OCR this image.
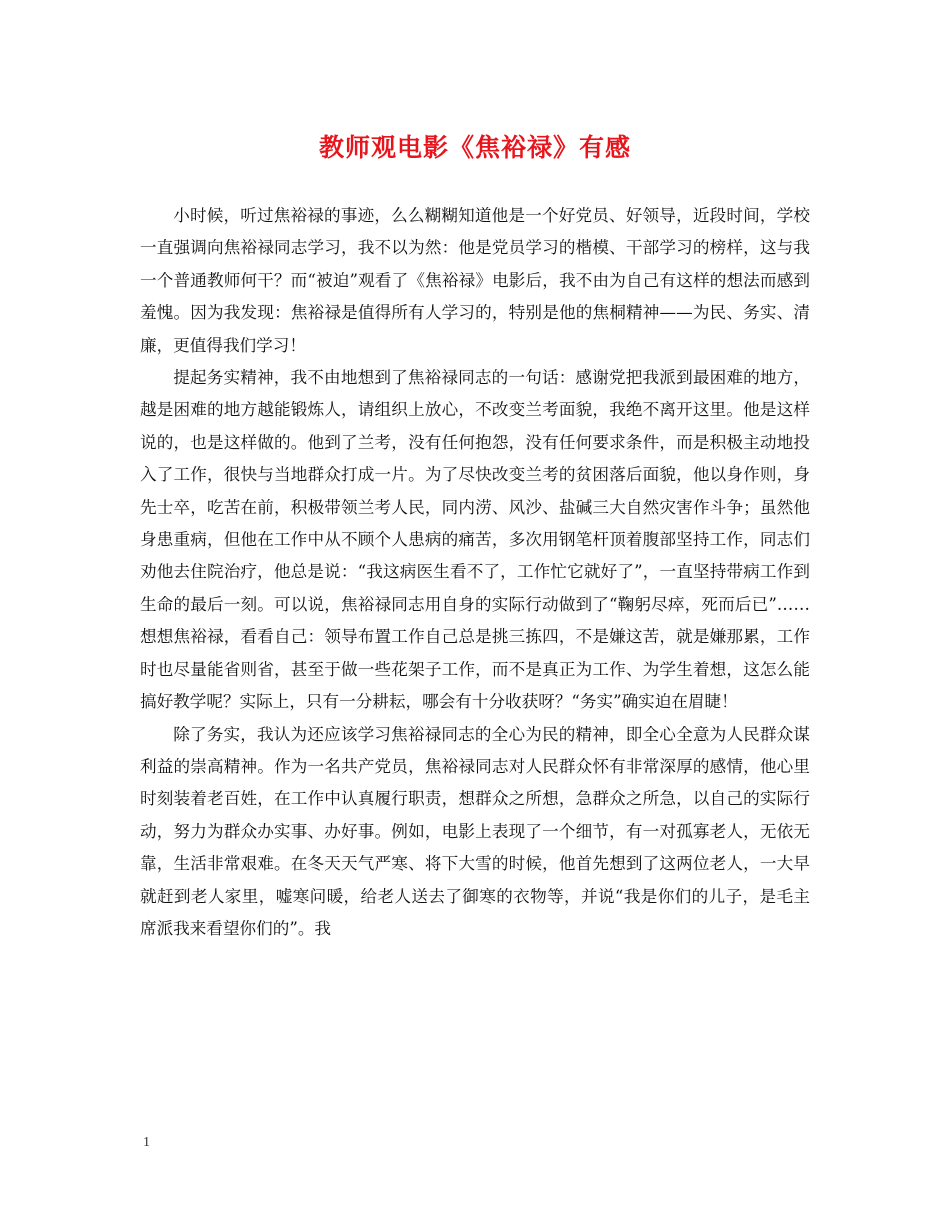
教师观电影《焦裕禄》有感

小时候，听过焦裕禄的事迹，么么糊糊知道他是一个好党员、好领导，近段时间，学校一直强调向焦裕禄同志学习，我不以为然：他是党员学习的楷模、干部学习的榜样，这与我一个普通教师何干？而“被迫”观看了《焦裕禄》电影后，我不由为自己有这样的想法而感到羞愧。因为我发现：焦裕禄是值得所有人学习的，特别是他的焦桐精神——为民、务实、清廉，更值得我们学习！

提起务实精神，我不由地想到了焦裕禄同志的一句话：感谢党把我派到最困难的地方，越是困难的地方越能锻炼人，请组织上放心，不改变兰考面貌，我绝不离开这里。他是这样说的，也是这样做的。他到了兰考，没有任何抱怨，没有任何要求条件，而是积极主动地投入了工作，很快与当地群众打成一片。为了尽快改变兰考的贫困落后面貌，他以身作则，身先士卒，吃苦在前，积极带领兰考人民，同内涝、风沙、盐碱三大自然灾害作斗争；虽然他身患重病，但他在工作中从不顾个人患病的痛苦，多次用钢笔杆顶着腹部坚持工作，同志们劝他去住院治疗，他总是说：“我这病医生看不了，工作忙它就好了”，一直坚持带病工作到生命的最后一刻。可以说，焦裕禄同志用自身的实际行动做到了“鞠躬尽瘁，死而后已”…… 想想焦裕禄，看看自己：领导布置工作自己总是挑三拣四，不是嫌这苦，就是嫌那累，工作时也尽量能省则省，甚至于做一些花架子工作，而不是真正为工作、为学生着想，这怎么能搞好教学呢？实际上，只有一分耕耘，哪会有十分收获呀？“务实”确实迫在眉睫！

除了务实，我认为还应该学习焦裕禄同志的全心为民的精神，即全心全意为人民群众谋利益的崇高精神。作为一名共产党员，焦裕禄同志对人民群众怀有非常深厚的感情，他心里时刻装着老百姓，在工作中认真履行职责，想群众之所想，急群众之所急，以自己的实际行动，努力为群众办实事、办好事。例如，电影上表现了一个细节，有一对孤寡老人，无依无靠，生活非常艰难。在冬天天气严寒、将下大雪的时候，他首先想到了这两位老人，一大早就赶到老人家里，嘘寒问暖，给老人送去了御寒的衣物等，并说“我是你们的儿子，是毛主席派我来看望你们的”。我

1
